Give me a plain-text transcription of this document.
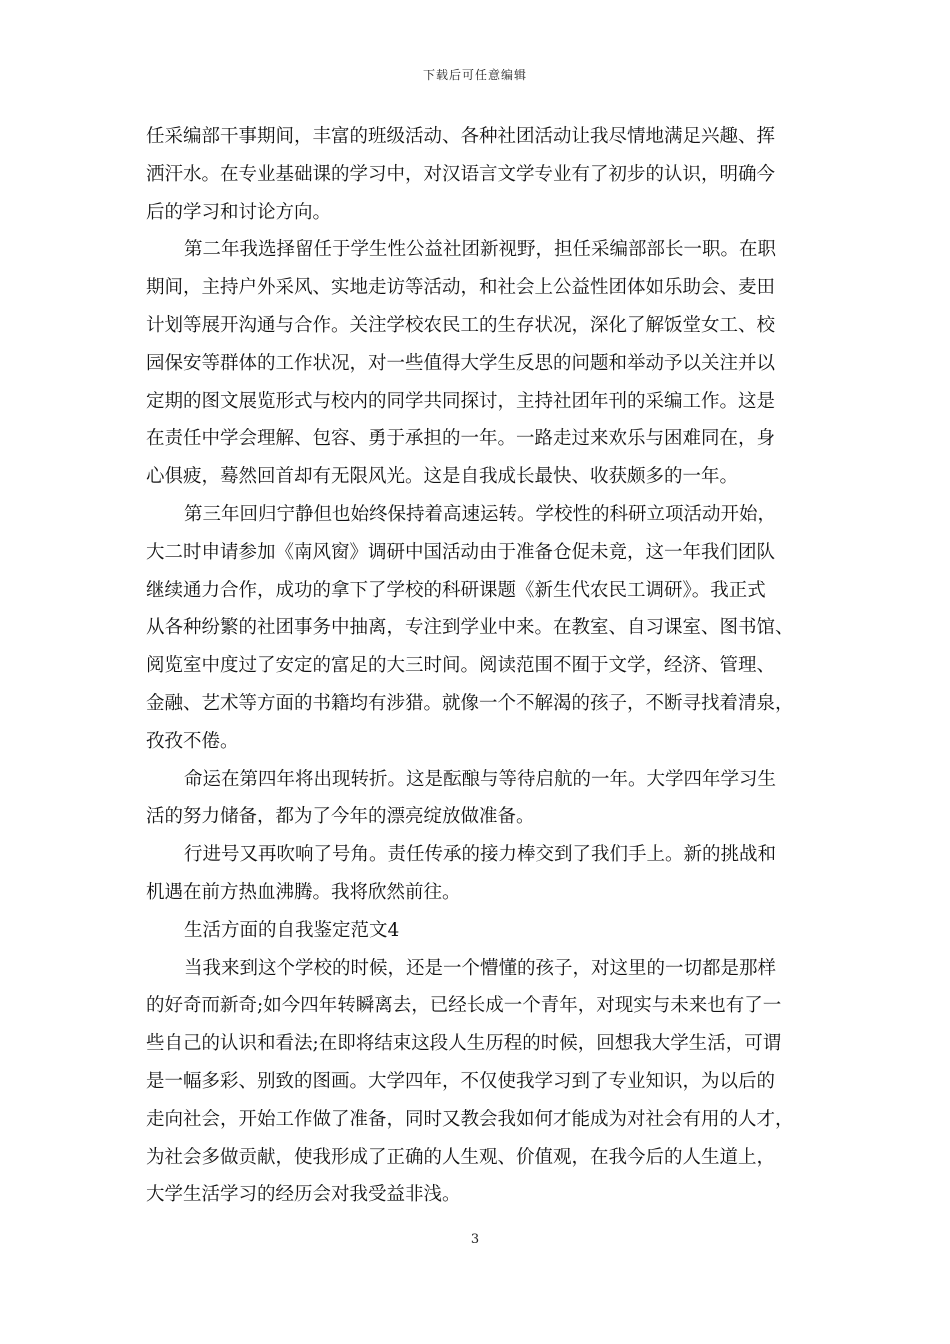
下载后可任意编辑
任采编部干事期间，丰富的班级活动、各种社团活动让我尽情地满足兴趣、挥
洒汗水。在专业基础课的学习中，对汉语言文学专业有了初步的认识，明确今
后的学习和讨论方向。
第二年我选择留任于学生性公益社团新视野，担任采编部部长一职。在职
期间，主持户外采风、实地走访等活动，和社会上公益性团体如乐助会、麦田
计划等展开沟通与合作。关注学校农民工的生存状况，深化了解饭堂女工、校
园保安等群体的工作状况，对一些值得大学生反思的问题和举动予以关注并以
定期的图文展览形式与校内的同学共同探讨，主持社团年刊的采编工作。这是
在责任中学会理解、包容、勇于承担的一年。一路走过来欢乐与困难同在，身
心俱疲，蓦然回首却有无限风光。这是自我成长最快、收获颇多的一年。
第三年回归宁静但也始终保持着高速运转。学校性的科研立项活动开始，
大二时申请参加《南风窗》调研中国活动由于准备仓促未竟，这一年我们团队
继续通力合作，成功的拿下了学校的科研课题《新生代农民工调研》。我正式
从各种纷繁的社团事务中抽离，专注到学业中来。在教室、自习课室、图书馆、
阅览室中度过了安定的富足的大三时间。阅读范围不囿于文学，经济、管理、
金融、艺术等方面的书籍均有涉猎。就像一个不解渴的孩子，不断寻找着清泉，
孜孜不倦。
命运在第四年将出现转折。这是酝酿与等待启航的一年。大学四年学习生
活的努力储备，都为了今年的漂亮绽放做准备。
行进号又再吹响了号角。责任传承的接力棒交到了我们手上。新的挑战和
机遇在前方热血沸腾。我将欣然前往。
生活方面的自我鉴定范文4
当我来到这个学校的时候，还是一个懵懂的孩子，对这里的一切都是那样
的好奇而新奇;如今四年转瞬离去，已经长成一个青年，对现实与未来也有了一
些自己的认识和看法;在即将结束这段人生历程的时候，回想我大学生活，可谓
是一幅多彩、别致的图画。大学四年，不仅使我学习到了专业知识，为以后的
走向社会，开始工作做了准备，同时又教会我如何才能成为对社会有用的人才，
为社会多做贡献，使我形成了正确的人生观、价值观，在我今后的人生道上，
大学生活学习的经历会对我受益非浅。
3
